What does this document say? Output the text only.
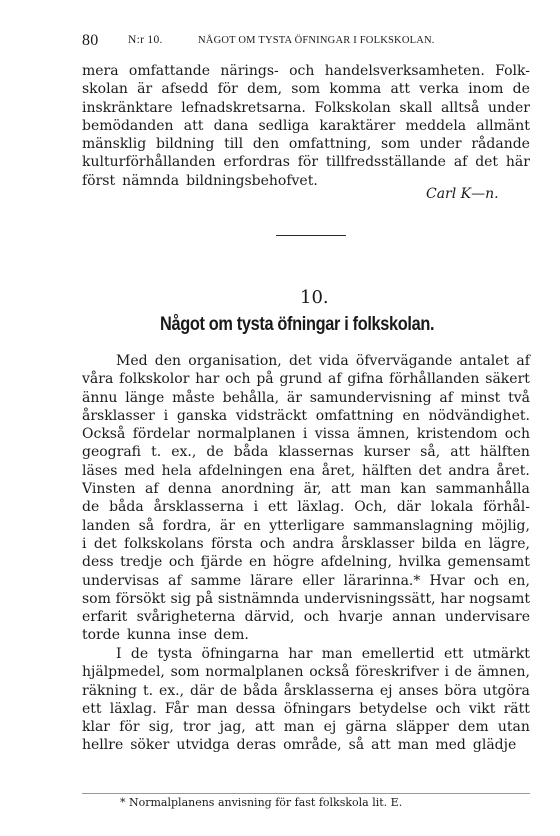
80	N:r 10.	NÅGOT OM TYSTA ÖFNINGAR I FOLKSKOLAN.
mera omfattande närings- och handelsverksamheten. Folk-
skolan är afsedd för dem, som komma att verka inom de
inskränktare lefnadskretsarna. Folkskolan skall alltså under
bemödanden att dana sedliga karaktärer meddela allmänt
mänsklig bildning till den omfattning, som under rådande
kulturförhållanden erfordras för tillfredsställande af det här
först nämnda bildningsbehofvet.
Carl K—n.
10.
Något om tysta öfningar i folkskolan.
Med den organisation, det vida öfvervägande antalet af
våra folkskolor har och på grund af gifna förhållanden säkert
ännu länge måste behålla, är samundervisning af minst två
årsklasser i ganska vidsträckt omfattning en nödvändighet.
Också fördelar normalplanen i vissa ämnen, kristendom och
geografi t. ex., de båda klassernas kurser så, att hälften
läses med hela afdelningen ena året, hälften det andra året.
Vinsten af denna anordning är, att man kan sammanhålla
de båda årsklasserna i ett läxlag. Och, där lokala förhål-
landen så fordra, är en ytterligare sammanslagning möjlig,
i det folkskolans första och andra årsklasser bilda en lägre,
dess tredje och fjärde en högre afdelning, hvilka gemensamt
undervisas af samme lärare eller lärarinna.* Hvar och en,
som försökt sig på sistnämnda undervisningssätt, har nogsamt
erfarit svårigheterna därvid, och hvarje annan undervisare
torde kunna inse dem.
I de tysta öfningarna har man emellertid ett utmärkt
hjälpmedel, som normalplanen också föreskrifver i de ämnen,
räkning t. ex., där de båda årsklasserna ej anses böra utgöra
ett läxlag. Får man dessa öfningars betydelse och vikt rätt
klar för sig, tror jag, att man ej gärna släpper dem utan
hellre söker utvidga deras område, så att man med glädje
* Normalplanens anvisning för fast folkskola lit. E.
